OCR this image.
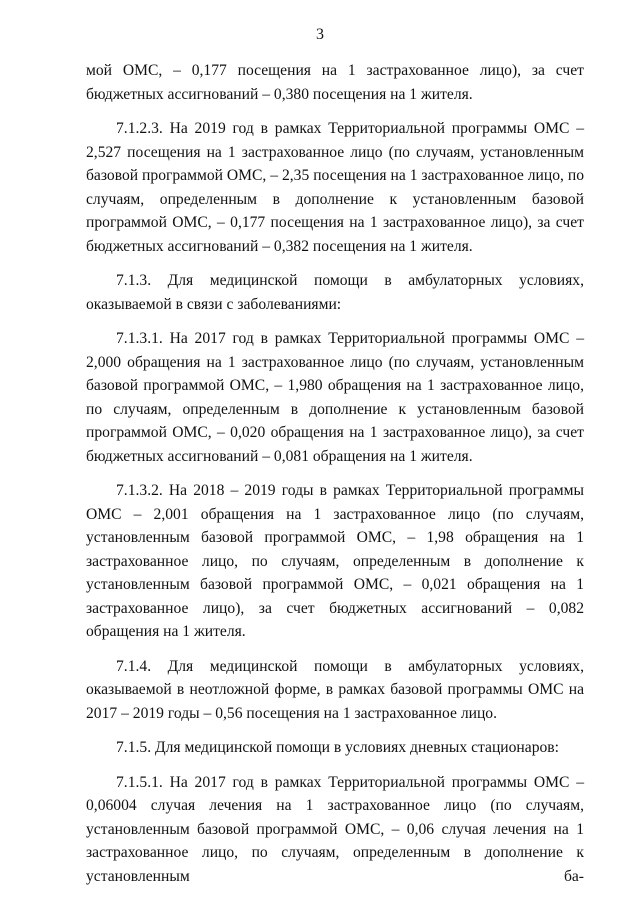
3

мой ОМС, – 0,177 посещения на 1 застрахованное лицо), за счет бюджетных ассигнований – 0,380 посещения на 1 жителя.

7.1.2.3. На 2019 год в рамках Территориальной программы ОМС – 2,527 посещения на 1 застрахованное лицо (по случаям, установленным базовой программой ОМС, – 2,35 посещения на 1 застрахованное лицо, по случаям, определенным в дополнение к установленным базовой программой ОМС, – 0,177 посещения на 1 застрахованное лицо), за счет бюджетных ассигнований – 0,382 посещения на 1 жителя.

7.1.3. Для медицинской помощи в амбулаторных условиях, оказываемой в связи с заболеваниями:

7.1.3.1. На 2017 год в рамках Территориальной программы ОМС – 2,000 обращения на 1 застрахованное лицо (по случаям, установленным базовой программой ОМС, – 1,980 обращения на 1 застрахованное лицо, по случаям, определенным в дополнение к установленным базовой программой ОМС, – 0,020 обращения на 1 застрахованное лицо), за счет бюджетных ассигнований – 0,081 обращения на 1 жителя.

7.1.3.2. На 2018 – 2019 годы в рамках Территориальной программы ОМС – 2,001 обращения на 1 застрахованное лицо (по случаям, установленным базовой программой ОМС, – 1,98 обращения на 1 застрахованное лицо, по случаям, определенным в дополнение к установленным базовой программой ОМС, – 0,021 обращения на 1 застрахованное лицо), за счет бюджетных ассигнований – 0,082 обращения на 1 жителя.

7.1.4. Для медицинской помощи в амбулаторных условиях, оказываемой в неотложной форме, в рамках базовой программы ОМС на 2017 – 2019 годы – 0,56 посещения на 1 застрахованное лицо.

7.1.5. Для медицинской помощи в условиях дневных стационаров:

7.1.5.1. На 2017 год в рамках Территориальной программы ОМС – 0,06004 случая лечения на 1 застрахованное лицо (по случаям, установленным базовой программой ОМС, – 0,06 случая лечения на 1 застрахованное лицо, по случаям, определенным в дополнение к установленным ба-
